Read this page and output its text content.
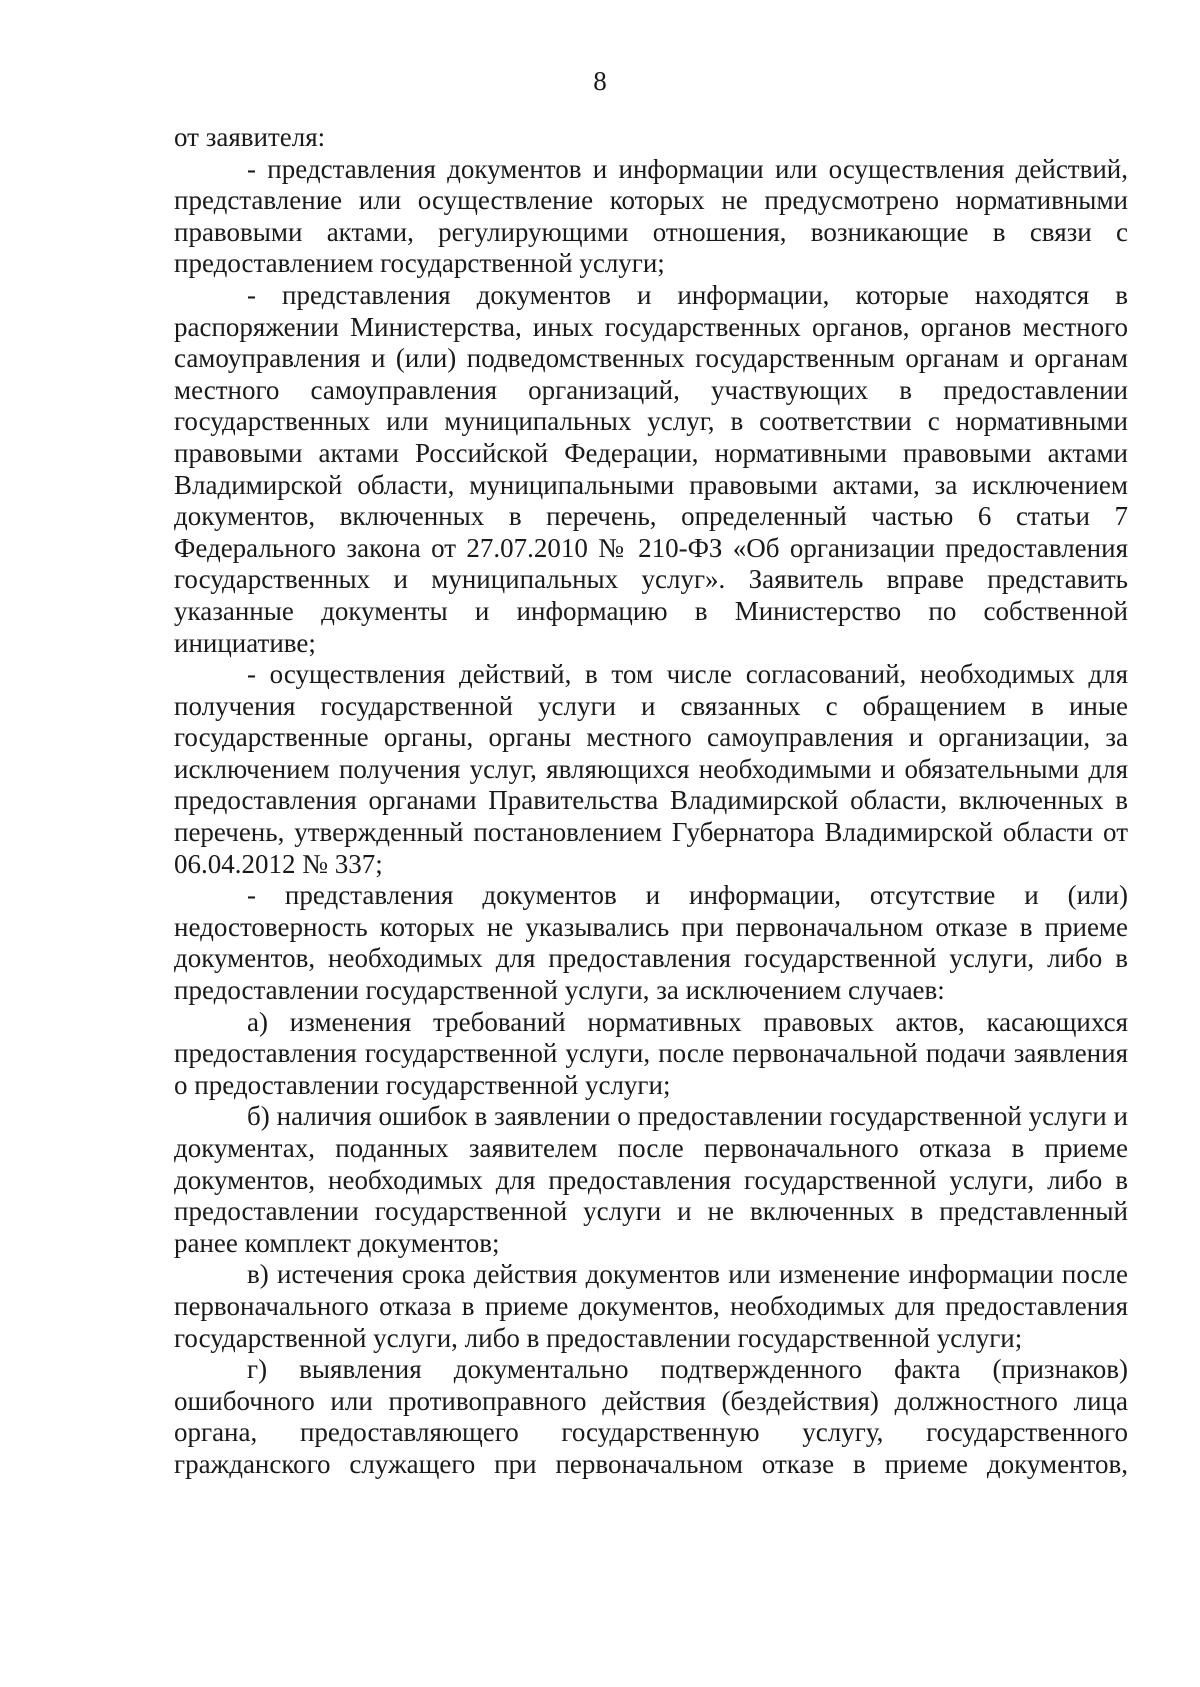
8

от заявителя:

- представления документов и информации или осуществления действий, представление или осуществление которых не предусмотрено нормативными правовыми актами, регулирующими отношения, возникающие в связи с предоставлением государственной услуги;

- представления документов и информации, которые находятся в распоряжении Министерства, иных государственных органов, органов местного самоуправления и (или) подведомственных государственным органам и органам местного самоуправления организаций, участвующих в предоставлении государственных или муниципальных услуг, в соответствии с нормативными правовыми актами Российской Федерации, нормативными правовыми актами Владимирской области, муниципальными правовыми актами, за исключением документов, включенных в перечень, определенный частью 6 статьи 7 Федерального закона от 27.07.2010 № 210-ФЗ «Об организации предоставления государственных и муниципальных услуг». Заявитель вправе представить указанные документы и информацию в Министерство по собственной инициативе;

- осуществления действий, в том числе согласований, необходимых для получения государственной услуги и связанных с обращением в иные государственные органы, органы местного самоуправления и организации, за исключением получения услуг, являющихся необходимыми и обязательными для предоставления органами Правительства Владимирской области, включенных в перечень, утвержденный постановлением Губернатора Владимирской области от 06.04.2012 № 337;

- представления документов и информации, отсутствие и (или) недостоверность которых не указывались при первоначальном отказе в приеме документов, необходимых для предоставления государственной услуги, либо в предоставлении государственной услуги, за исключением случаев:

а) изменения требований нормативных правовых актов, касающихся предоставления государственной услуги, после первоначальной подачи заявления о предоставлении государственной услуги;

б) наличия ошибок в заявлении о предоставлении государственной услуги и документах, поданных заявителем после первоначального отказа в приеме документов, необходимых для предоставления государственной услуги, либо в предоставлении государственной услуги и не включенных в представленный ранее комплект документов;

в) истечения срока действия документов или изменение информации после первоначального отказа в приеме документов, необходимых для предоставления государственной услуги, либо в предоставлении государственной услуги;

г) выявления документально подтвержденного факта (признаков) ошибочного или противоправного действия (бездействия) должностного лица органа, предоставляющего государственную услугу, государственного гражданского служащего при первоначальном отказе в приеме документов,
